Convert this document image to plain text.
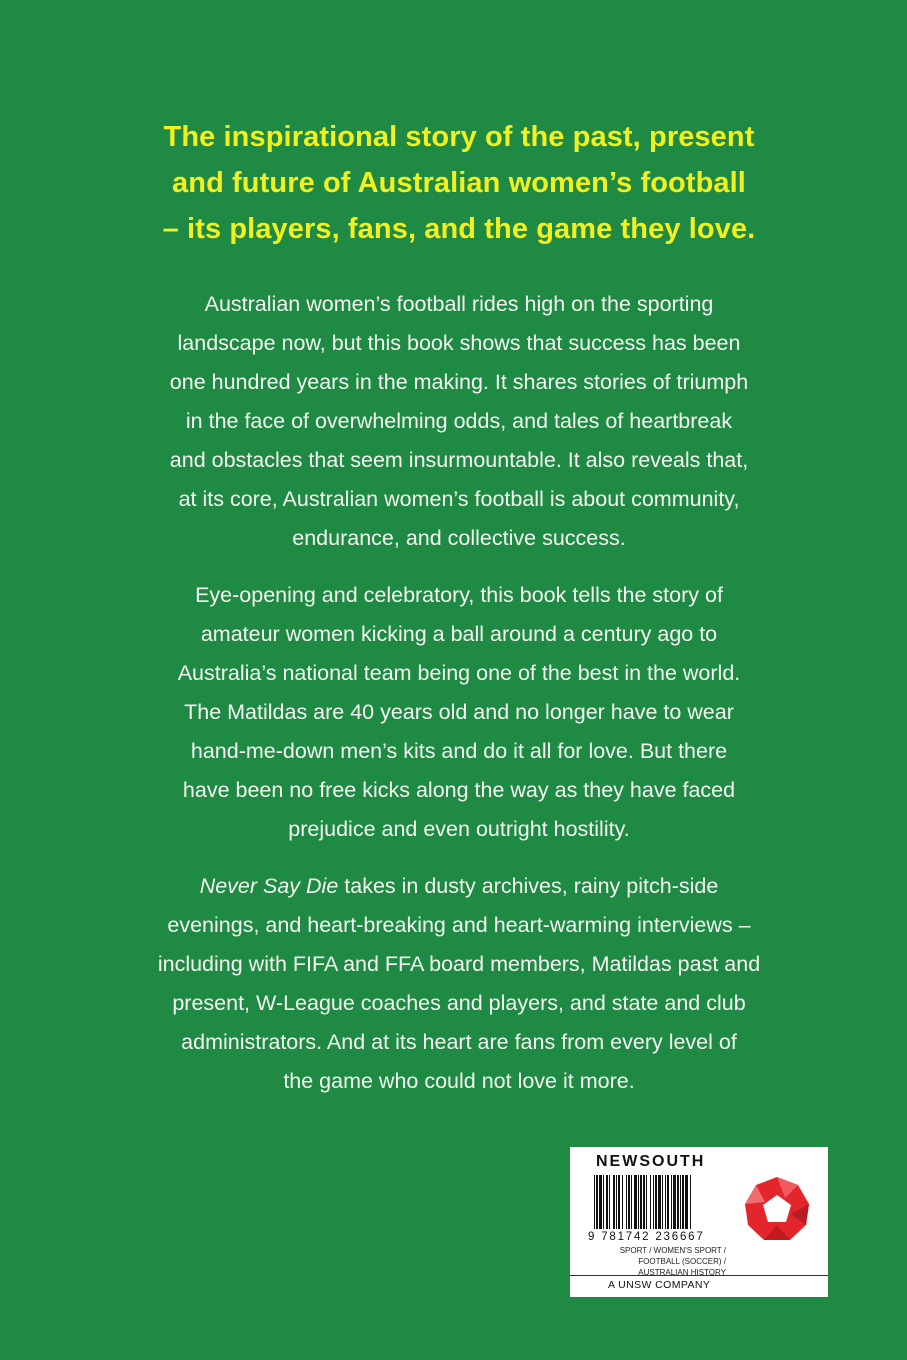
The inspirational story of the past, present
and future of Australian women’s football
– its players, fans, and the game they love.
Australian women’s football rides high on the sporting
landscape now, but this book shows that success has been
one hundred years in the making. It shares stories of triumph
in the face of overwhelming odds, and tales of heartbreak
and obstacles that seem insurmountable. It also reveals that,
at its core, Australian women’s football is about community,
endurance, and collective success.
Eye-opening and celebratory, this book tells the story of
amateur women kicking a ball around a century ago to
Australia’s national team being one of the best in the world.
The Matildas are 40 years old and no longer have to wear
hand-me-down men’s kits and do it all for love. But there
have been no free kicks along the way as they have faced
prejudice and even outright hostility.
Never Say Die takes in dusty archives, rainy pitch-side
evenings, and heart-breaking and heart-warming interviews –
including with FIFA and FFA board members, Matildas past and
present, W-League coaches and players, and state and club
administrators. And at its heart are fans from every level of
the game who could not love it more.
NEWSOUTH
9 781742 236667
SPORT / WOMEN'S SPORT /
FOOTBALL (SOCCER) /
AUSTRALIAN HISTORY
A UNSW COMPANY
